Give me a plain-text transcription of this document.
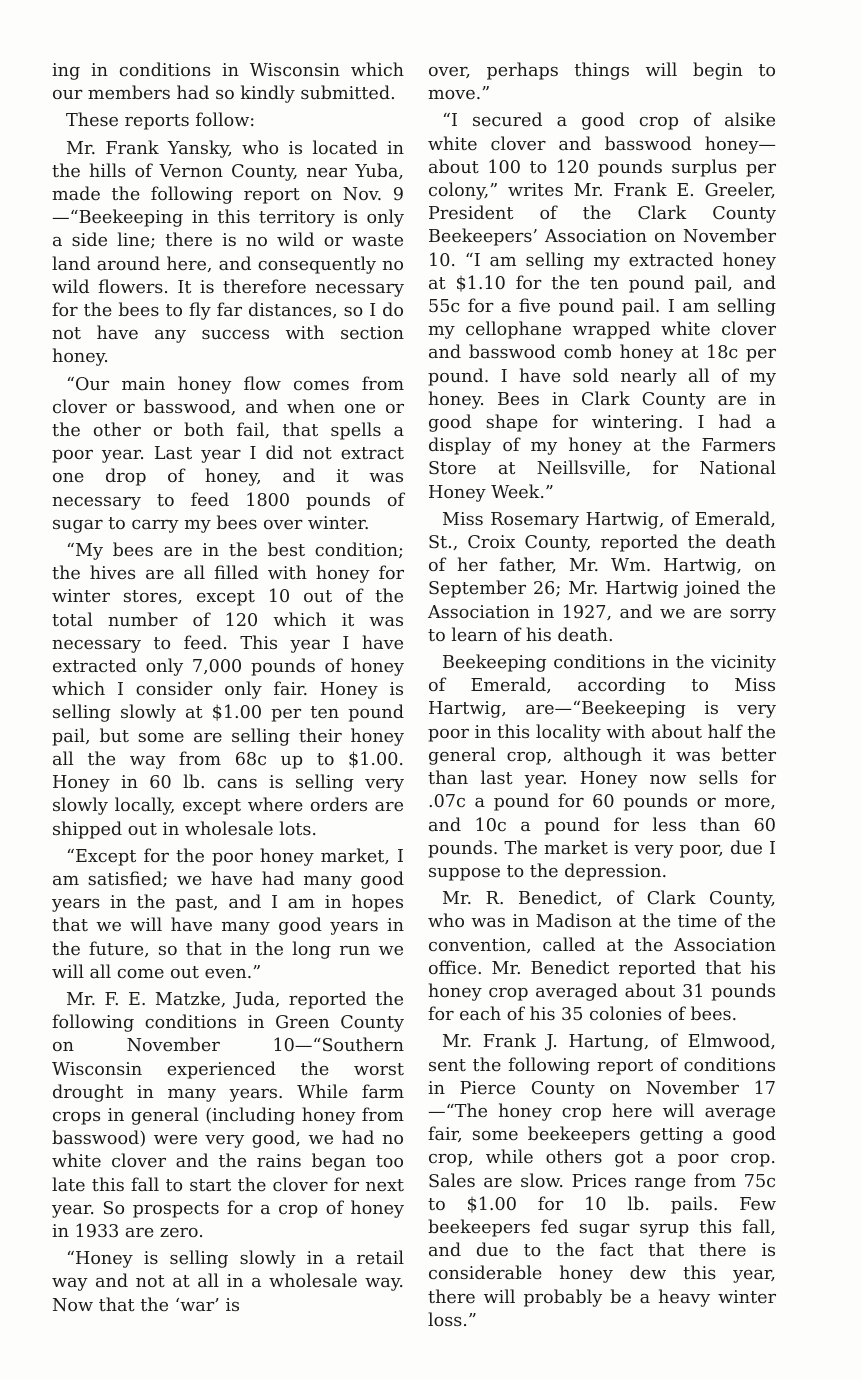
ing in conditions in Wisconsin which our members had so kindly submitted.

These reports follow:

Mr. Frank Yansky, who is located in the hills of Vernon County, near Yuba, made the following report on Nov. 9—“Beekeeping in this territory is only a side line; there is no wild or waste land around here, and consequently no wild flowers. It is therefore necessary for the bees to fly far distances, so I do not have any success with section honey.

“Our main honey flow comes from clover or basswood, and when one or the other or both fail, that spells a poor year. Last year I did not extract one drop of honey, and it was necessary to feed 1800 pounds of sugar to carry my bees over winter.

“My bees are in the best condition; the hives are all filled with honey for winter stores, except 10 out of the total number of 120 which it was necessary to feed. This year I have extracted only 7,000 pounds of honey which I consider only fair. Honey is selling slowly at $1.00 per ten pound pail, but some are selling their honey all the way from 68c up to $1.00. Honey in 60 lb. cans is selling very slowly locally, except where orders are shipped out in wholesale lots.

“Except for the poor honey market, I am satisfied; we have had many good years in the past, and I am in hopes that we will have many good years in the future, so that in the long run we will all come out even.”

Mr. F. E. Matzke, Juda, reported the following conditions in Green County on November 10—“Southern Wisconsin experienced the worst drought in many years. While farm crops in general (including honey from basswood) were very good, we had no white clover and the rains began too late this fall to start the clover for next year. So prospects for a crop of honey in 1933 are zero.

“Honey is selling slowly in a retail way and not at all in a wholesale way. Now that the ‘war’ is

over, perhaps things will begin to move.”

“I secured a good crop of alsike white clover and basswood honey—about 100 to 120 pounds surplus per colony,” writes Mr. Frank E. Greeler, President of the Clark County Beekeepers’ Association on November 10. “I am selling my extracted honey at $1.10 for the ten pound pail, and 55c for a five pound pail. I am selling my cellophane wrapped white clover and basswood comb honey at 18c per pound. I have sold nearly all of my honey. Bees in Clark County are in good shape for wintering. I had a display of my honey at the Farmers Store at Neillsville, for National Honey Week.”

Miss Rosemary Hartwig, of Emerald, St., Croix County, reported the death of her father, Mr. Wm. Hartwig, on September 26; Mr. Hartwig joined the Association in 1927, and we are sorry to learn of his death.

Beekeeping conditions in the vicinity of Emerald, according to Miss Hartwig, are—“Beekeeping is very poor in this locality with about half the general crop, although it was better than last year. Honey now sells for .07c a pound for 60 pounds or more, and 10c a pound for less than 60 pounds. The market is very poor, due I suppose to the depression.

Mr. R. Benedict, of Clark County, who was in Madison at the time of the convention, called at the Association office. Mr. Benedict reported that his honey crop averaged about 31 pounds for each of his 35 colonies of bees.

Mr. Frank J. Hartung, of Elmwood, sent the following report of conditions in Pierce County on November 17—“The honey crop here will average fair, some beekeepers getting a good crop, while others got a poor crop. Sales are slow. Prices range from 75c to $1.00 for 10 lb. pails. Few beekeepers fed sugar syrup this fall, and due to the fact that there is considerable honey dew this year, there will probably be a heavy winter loss.”
